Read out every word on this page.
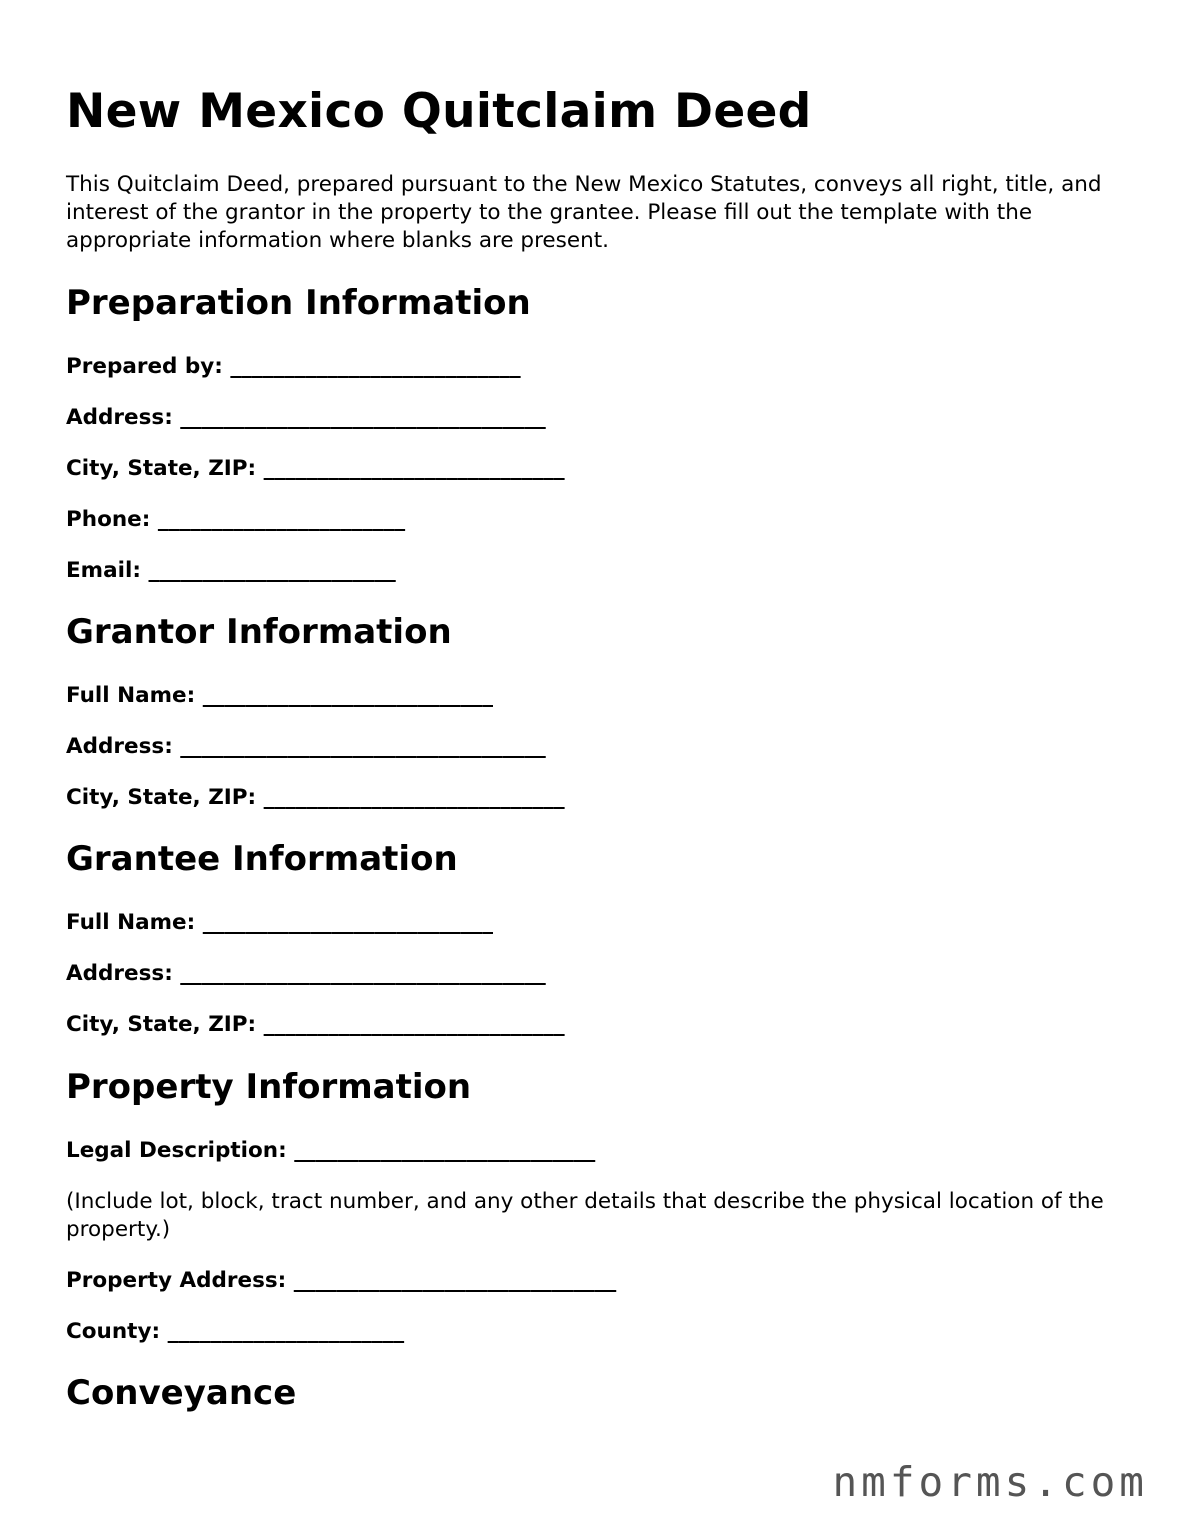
New Mexico Quitclaim Deed

This Quitclaim Deed, prepared pursuant to the New Mexico Statutes, conveys all right, title, and interest of the grantor in the property to the grantee. Please fill out the template with the appropriate information where blanks are present.

Preparation Information

Prepared by: ___________________________

Address: __________________________________

City, State, ZIP: ____________________________

Phone: _______________________

Email: _______________________

Grantor Information

Full Name: ___________________________

Address: __________________________________

City, State, ZIP: ____________________________

Grantee Information

Full Name: ___________________________

Address: __________________________________

City, State, ZIP: ____________________________

Property Information

Legal Description: ____________________________

(Include lot, block, tract number, and any other details that describe the physical location of the property.)

Property Address: ______________________________

County: ______________________

Conveyance
nmforms.com
